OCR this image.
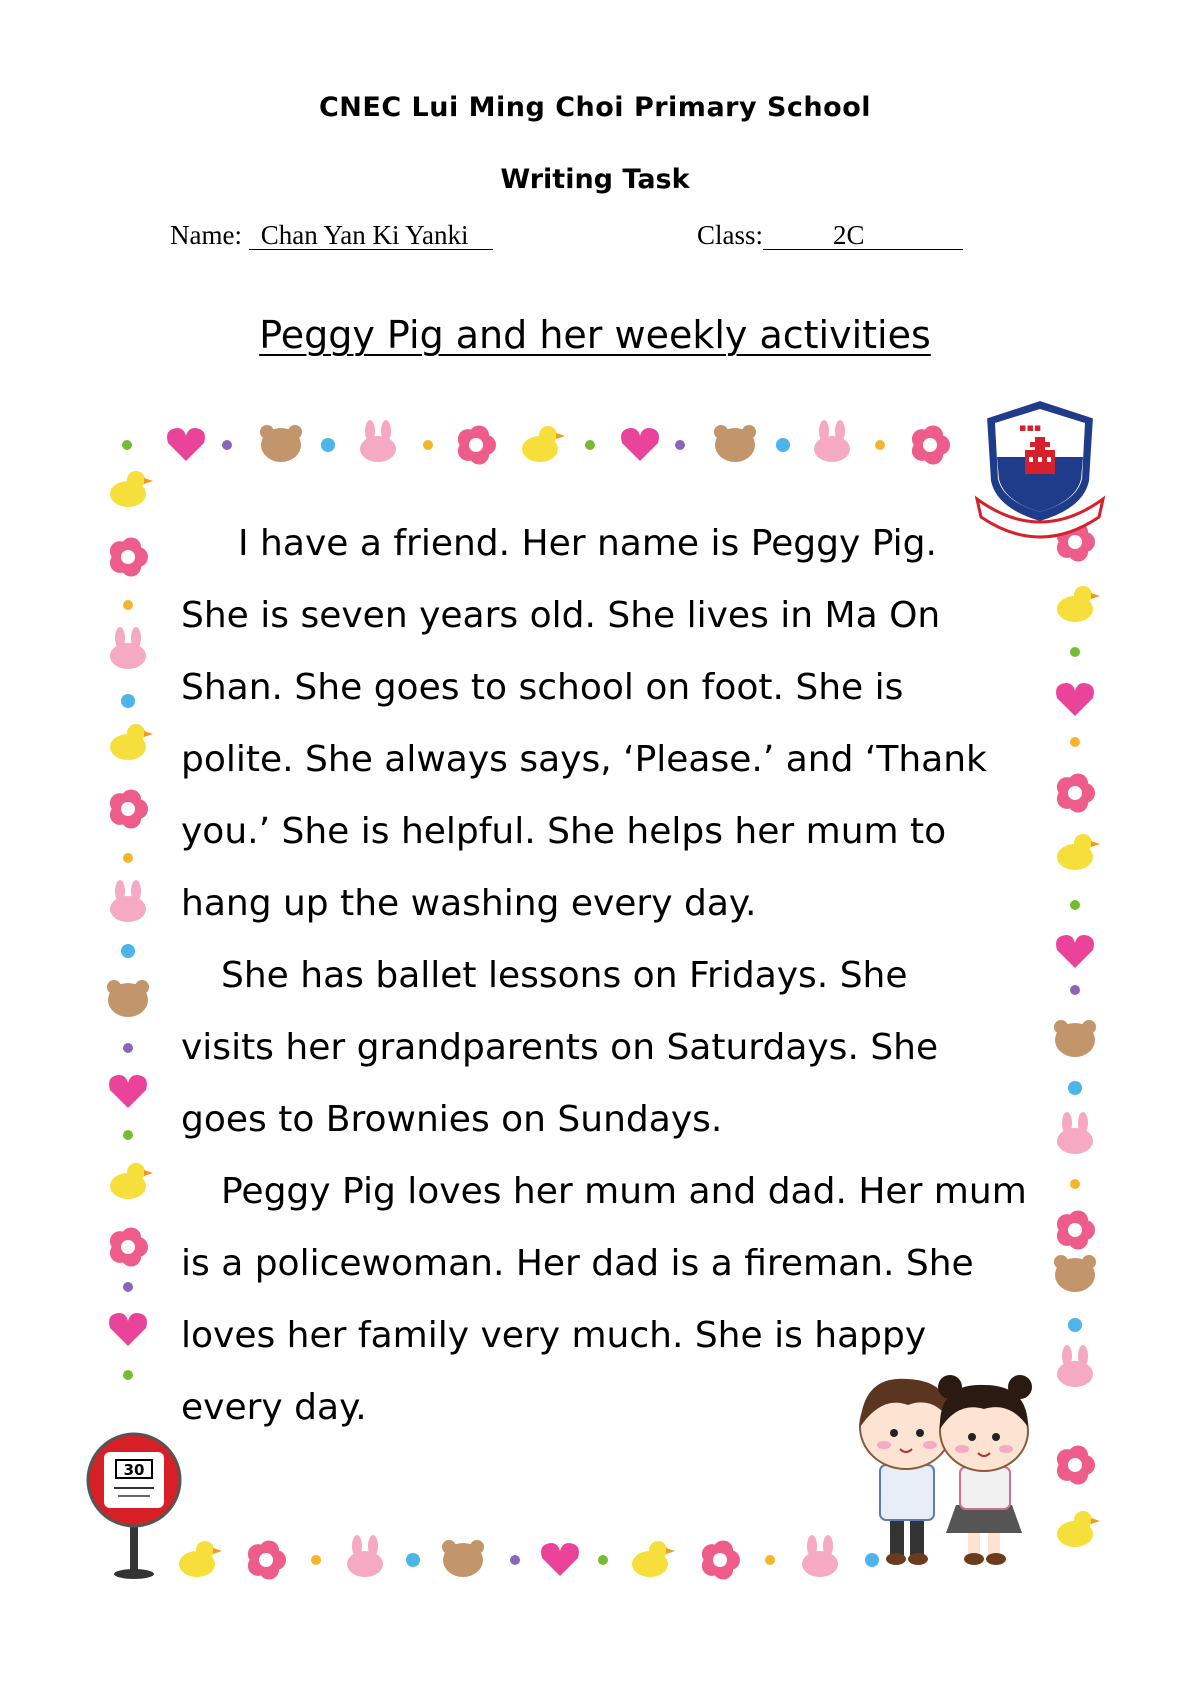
CNEC Lui Ming Choi Primary School
Writing Task
Name: Chan Yan Ki Yanki	Class:	2C
Peggy Pig and her weekly activities
I have a friend. Her name is Peggy Pig.
She is seven years old. She lives in Ma On
Shan. She goes to school on foot. She is
polite. She always says, ‘Please.’ and ‘Thank
you.’ She is helpful. She helps her mum to
hang up the washing every day.
She has ballet lessons on Fridays. She
visits her grandparents on Saturdays. She
goes to Brownies on Sundays.
Peggy Pig loves her mum and dad. Her mum
is a policewoman. Her dad is a fireman. She
loves her family very much. She is happy
every day.
▪▪▪
30
